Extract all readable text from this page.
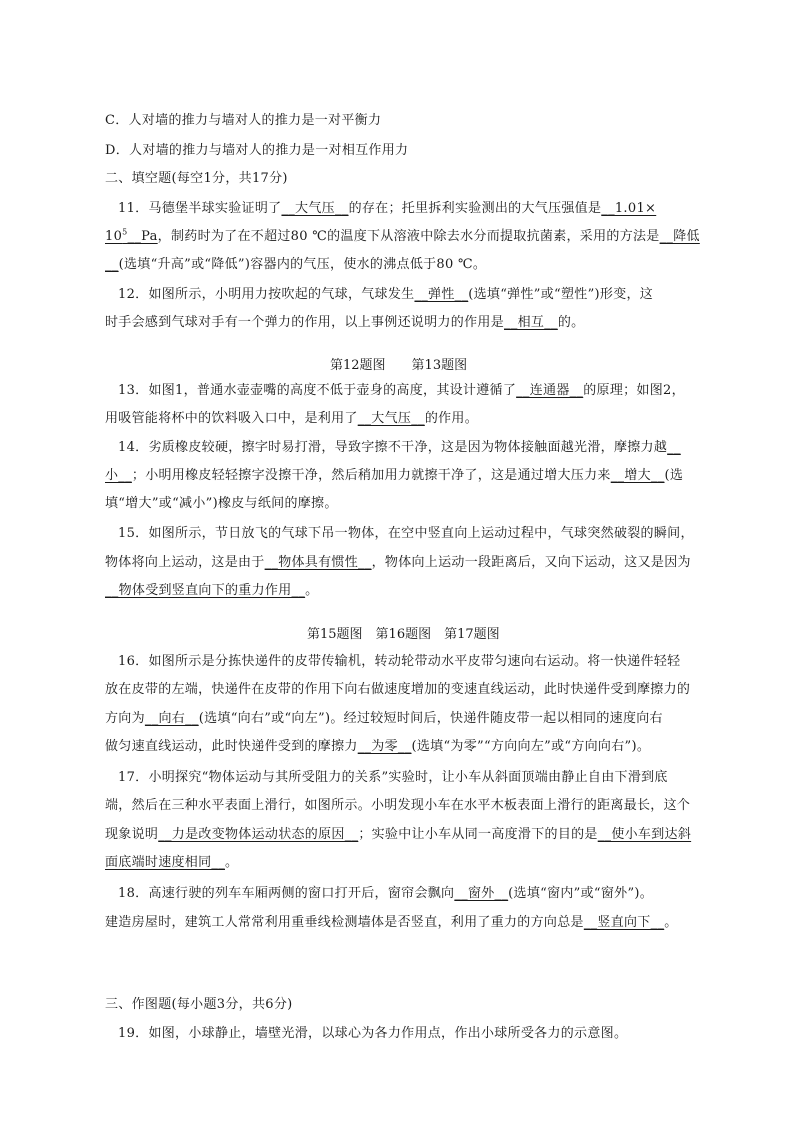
C．人对墙的推力与墙对人的推力是一对平衡力
D．人对墙的推力与墙对人的推力是一对相互作用力
二、填空题(每空1分，共17分)
11．马德堡半球实验证明了__大气压__的存在；托里拆利实验测出的大气压强值是__1.01×
$10^5\_\_Pa$，制药时为了在不超过80 ℃的温度下从溶液中除去水分而提取抗菌素，采用的方法是__降低
__(选填“升高”或“降低”)容器内的气压，使水的沸点低于80 ℃。
12．如图所示，小明用力按吹起的气球，气球发生__弹性__(选填“弹性”或“塑性”)形变，这
时手会感到气球对手有一个弹力的作用，以上事例还说明力的作用是__相互__的。
第12题图　　第13题图
13．如图1，普通水壶壶嘴的高度不低于壶身的高度，其设计遵循了__连通器__的原理；如图2，
用吸管能将杯中的饮料吸入口中，是利用了__大气压__的作用。
14．劣质橡皮较硬，擦字时易打滑，导致字擦不干净，这是因为物体接触面越光滑，摩擦力越__
小__；小明用橡皮轻轻擦字没擦干净，然后稍加用力就擦干净了，这是通过增大压力来__增大__(选
填“增大”或“减小”)橡皮与纸间的摩擦。
15．如图所示，节日放飞的气球下吊一物体，在空中竖直向上运动过程中，气球突然破裂的瞬间，
物体将向上运动，这是由于__物体具有惯性__，物体向上运动一段距离后，又向下运动，这又是因为
__物体受到竖直向下的重力作用__。
第15题图　第16题图　第17题图
16．如图所示是分拣快递件的皮带传输机，转动轮带动水平皮带匀速向右运动。将一快递件轻轻
放在皮带的左端，快递件在皮带的作用下向右做速度增加的变速直线运动，此时快递件受到摩擦力的
方向为__向右__(选填“向右”或“向左”)。经过较短时间后，快递件随皮带一起以相同的速度向右
做匀速直线运动，此时快递件受到的摩擦力__为零__(选填“为零”“方向向左”或“方向向右”)。
17．小明探究“物体运动与其所受阻力的关系”实验时，让小车从斜面顶端由静止自由下滑到底
端，然后在三种水平表面上滑行，如图所示。小明发现小车在水平木板表面上滑行的距离最长，这个
现象说明__力是改变物体运动状态的原因__；实验中让小车从同一高度滑下的目的是__使小车到达斜
面底端时速度相同__。
18．高速行驶的列车车厢两侧的窗口打开后，窗帘会飘向__窗外__(选填“窗内”或“窗外”)。
建造房屋时，建筑工人常常利用重垂线检测墙体是否竖直，利用了重力的方向总是__竖直向下__。
三、作图题(每小题3分，共6分)
19．如图，小球静止，墙壁光滑，以球心为各力作用点，作出小球所受各力的示意图。
